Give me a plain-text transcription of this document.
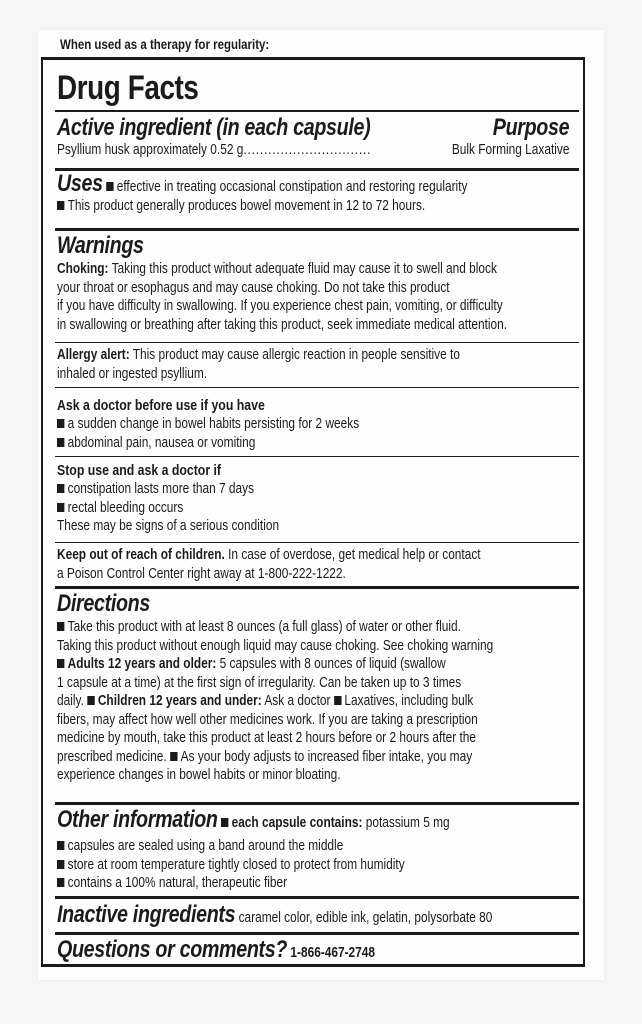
When used as a therapy for regularity:
Drug Facts
Active ingredient (in each capsule)	Purpose
Psyllium husk approximately 0.52 g...............................	Bulk Forming Laxative
Uses effective in treating occasional constipation and restoring regularity
This product generally produces bowel movement in 12 to 72 hours.
Warnings
Choking: Taking this product without adequate fluid may cause it to swell and block
your throat or esophagus and may cause choking. Do not take this product
if you have difficulty in swallowing. If you experience chest pain, vomiting, or difficulty
in swallowing or breathing after taking this product, seek immediate medical attention.
Allergy alert: This product may cause allergic reaction in people sensitive to
inhaled or ingested psyllium.
Ask a doctor before use if you have
a sudden change in bowel habits persisting for 2 weeks
abdominal pain, nausea or vomiting
Stop use and ask a doctor if
constipation lasts more than 7 days
rectal bleeding occurs
These may be signs of a serious condition
Keep out of reach of children. In case of overdose, get medical help or contact
a Poison Control Center right away at 1-800-222-1222.
Directions
Take this product with at least 8 ounces (a full glass) of water or other fluid.
Taking this product without enough liquid may cause choking. See choking warning
Adults 12 years and older: 5 capsules with 8 ounces of liquid (swallow
1 capsule at a time) at the first sign of irregularity. Can be taken up to 3 times
daily. Children 12 years and under: Ask a doctor Laxatives, including bulk
fibers, may affect how well other medicines work. If you are taking a prescription
medicine by mouth, take this product at least 2 hours before or 2 hours after the
prescribed medicine. As your body adjusts to increased fiber intake, you may
experience changes in bowel habits or minor bloating.
Other information each capsule contains: potassium 5 mg
capsules are sealed using a band around the middle
store at room temperature tightly closed to protect from humidity
contains a 100% natural, therapeutic fiber
Inactive ingredients caramel color, edible ink, gelatin, polysorbate 80
Questions or comments? 1-866-467-2748
